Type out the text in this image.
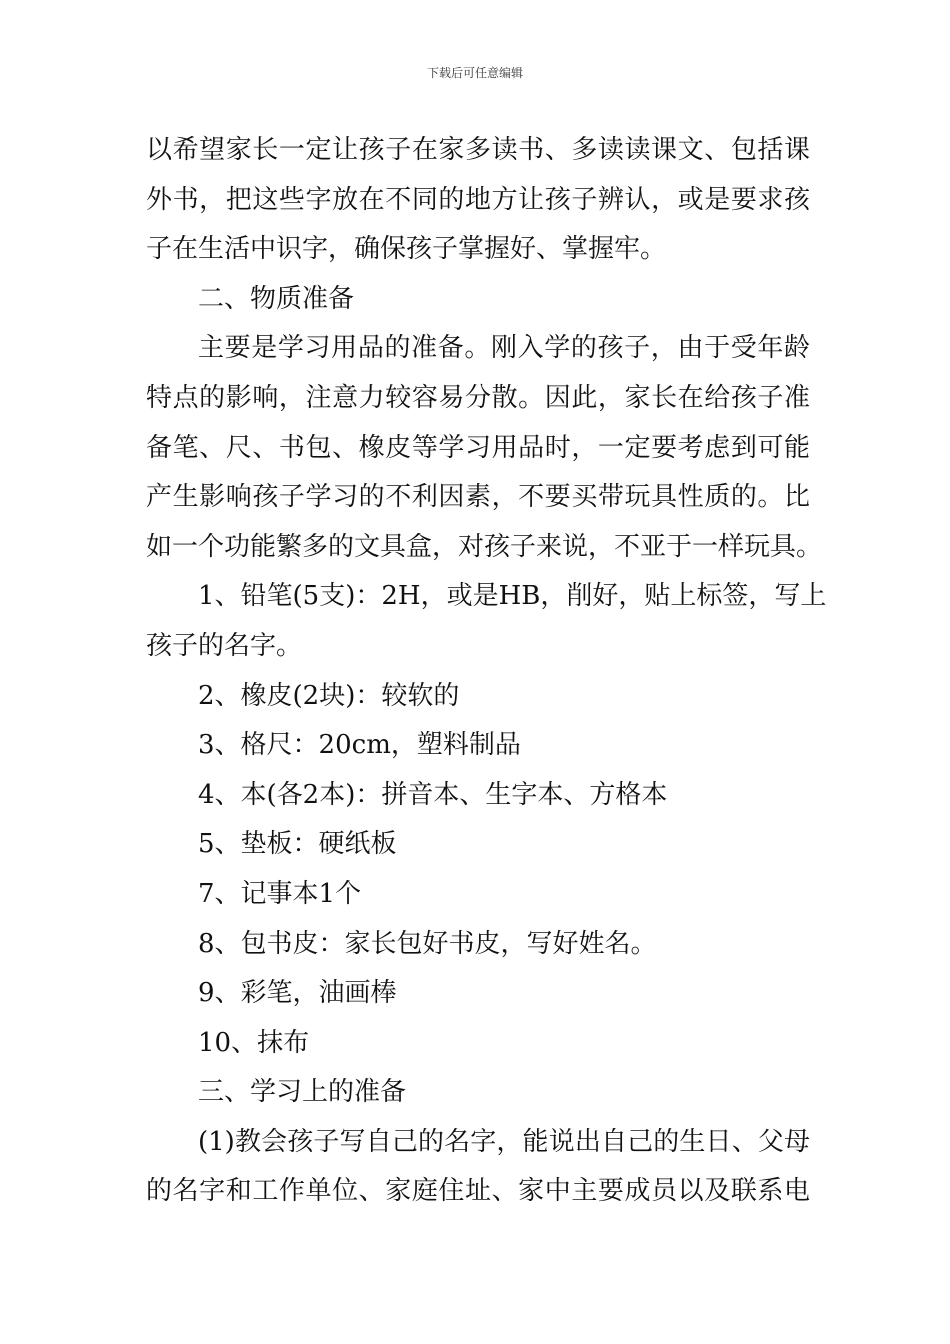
下载后可任意编辑
以希望家长一定让孩子在家多读书、多读读课文、包括课
外书，把这些字放在不同的地方让孩子辨认，或是要求孩
子在生活中识字，确保孩子掌握好、掌握牢。
二、物质准备
主要是学习用品的准备。刚入学的孩子，由于受年龄
特点的影响，注意力较容易分散。因此，家长在给孩子准
备笔、尺、书包、橡皮等学习用品时，一定要考虑到可能
产生影响孩子学习的不利因素，不要买带玩具性质的。比
如一个功能繁多的文具盒，对孩子来说，不亚于一样玩具。
1、铅笔(5支)：2H，或是HB，削好，贴上标签，写上
孩子的名字。
2、橡皮(2块)：较软的
3、格尺：20cm，塑料制品
4、本(各2本)：拼音本、生字本、方格本
5、垫板：硬纸板
7、记事本1个
8、包书皮：家长包好书皮，写好姓名。
9、彩笔，油画棒
10、抹布
三、学习上的准备
(1)教会孩子写自己的名字，能说出自己的生日、父母
的名字和工作单位、家庭住址、家中主要成员以及联系电
